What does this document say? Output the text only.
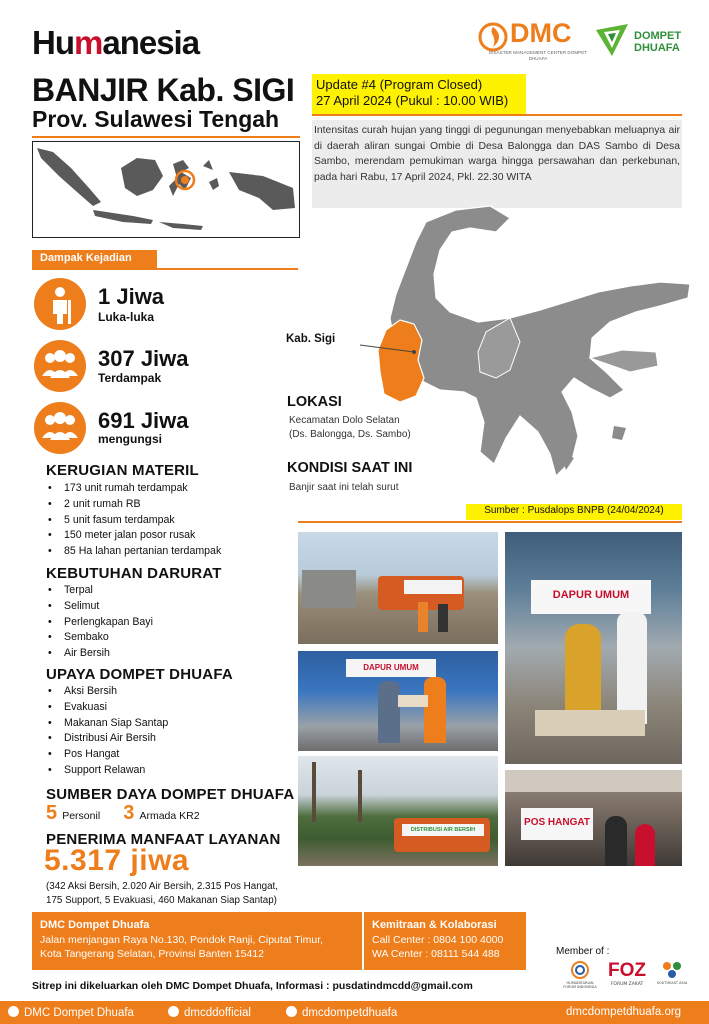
Humanesia
BANJIR Kab. SIGI
Prov. Sulawesi Tengah
DMC
DISASTER MANAGEMENT CENTER DOMPET DHUAFA
DOMPET
DHUAFA
Update #4 (Program Closed)
27 April 2024 (Pukul : 10.00 WIB)
Intensitas curah hujan yang tinggi di pegunungan menyebabkan meluapnya air di daerah aliran sungai Ombie di Desa Balongga dan DAS Sambo di Desa Sambo, merendam pemukiman warga hingga persawahan dan perkebunan, pada hari Rabu, 17 April 2024, Pkl. 22.30 WITA
Dampak Kejadian
1 Jiwa
Luka-luka
307 Jiwa
Terdampak
691 Jiwa
mengungsi
KERUGIAN MATERIL
• 173 unit rumah terdampak
• 2 unit rumah RB
• 5 unit fasum terdampak
• 150 meter jalan posor rusak
• 85 Ha lahan pertanian terdampak
KEBUTUHAN DARURAT
• Terpal
• Selimut
• Perlengkapan Bayi
• Sembako
• Air Bersih
UPAYA DOMPET DHUAFA
• Aksi Bersih
• Evakuasi
• Makanan Siap Santap
• Distribusi Air Bersih
• Pos Hangat
• Support Relawan
SUMBER DAYA DOMPET DHUAFA
5 Personil 3 Armada KR2
PENERIMA MANFAAT LAYANAN
5.317 jiwa
(342 Aksi Bersih, 2.020 Air Bersih, 2.315 Pos Hangat,
175 Support, 5 Evakuasi, 460 Makanan Siap Santap)
Kab. Sigi
LOKASI
Kecamatan Dolo Selatan
(Ds. Balongga, Ds. Sambo)
KONDISI SAAT INI
Banjir saat ini telah surut
Sumber : Pusdalops BNPB (24/04/2024)
DAPUR UMUM
DAPUR UMUM
DISTRIBUSI AIR BERSIH
POS HANGAT
DMC Dompet Dhuafa
Jalan menjangan Raya No.130, Pondok Ranji, Ciputat Timur,
Kota Tangerang Selatan, Provinsi Banten 15412
Kemitraan & Kolaborasi
Call Center : 0804 100 4000
WA Center : 08111 544 488	Member of :
HUMANITARIAN FORUM INDONESIA
FOZ
FORUM ZAKAT	SOUTHEAST ASIA
Sitrep ini dikeluarkan oleh DMC Dompet Dhuafa, Informasi : pusdatindmcdd@gmail.com
DMC Dompet Dhuafa	dmcddofficial	dmcdompetdhuafa	dmcdompetdhuafa.org
